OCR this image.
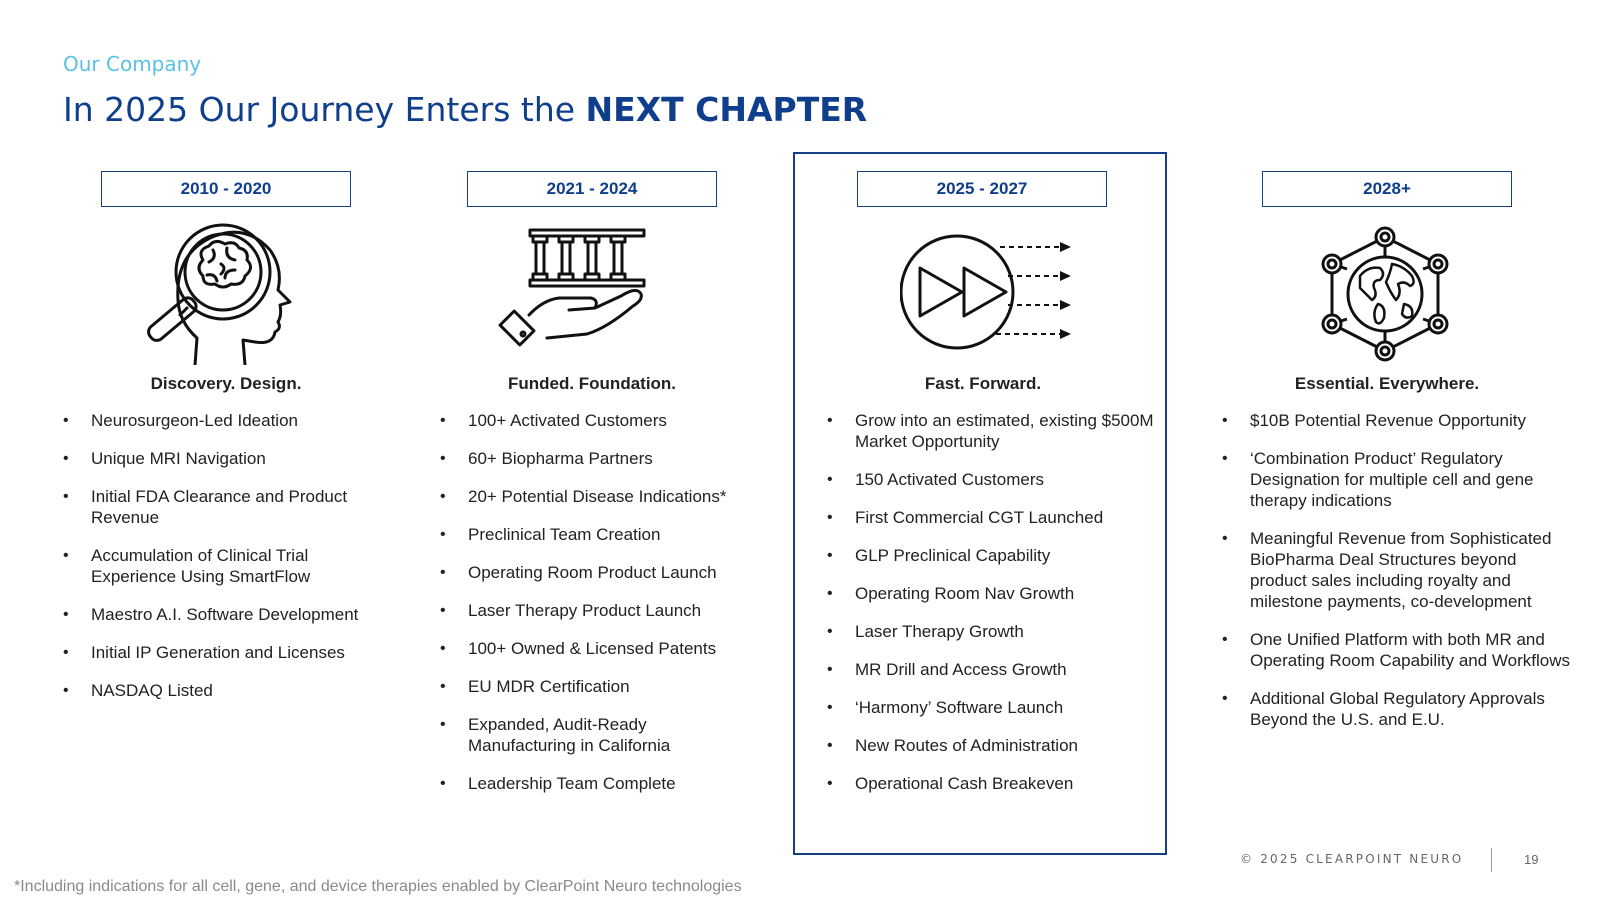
Our Company
In 2025 Our Journey Enters the NEXT CHAPTER
2010 - 2020
Discovery. Design.
• Neurosurgeon-Led Ideation
• Unique MRI Navigation
• Initial FDA Clearance and Product Revenue
• Accumulation of Clinical Trial Experience Using SmartFlow
• Maestro A.I. Software Development
• Initial IP Generation and Licenses
• NASDAQ Listed
2021 - 2024
Funded. Foundation.
• 100+ Activated Customers
• 60+ Biopharma Partners
• 20+ Potential Disease Indications*
• Preclinical Team Creation
• Operating Room Product Launch
• Laser Therapy Product Launch
• 100+ Owned & Licensed Patents
• EU MDR Certification
• Expanded, Audit-Ready Manufacturing in California
• Leadership Team Complete
2025 - 2027
Fast. Forward.
• Grow into an estimated, existing $500M Market Opportunity
• 150 Activated Customers
• First Commercial CGT Launched
• GLP Preclinical Capability
• Operating Room Nav Growth
• Laser Therapy Growth
• MR Drill and Access Growth
• ‘Harmony’ Software Launch
• New Routes of Administration
• Operational Cash Breakeven
2028+
Essential. Everywhere.
• $10B Potential Revenue Opportunity
• ‘Combination Product’ Regulatory Designation for multiple cell and gene therapy indications
• Meaningful Revenue from Sophisticated BioPharma Deal Structures beyond product sales including royalty and milestone payments, co-development
• One Unified Platform with both MR and Operating Room Capability and Workflows
• Additional Global Regulatory Approvals Beyond the U.S. and E.U.
© 2025 CLEARPOINT NEURO	19
*Including indications for all cell, gene, and device therapies enabled by ClearPoint Neuro technologies
